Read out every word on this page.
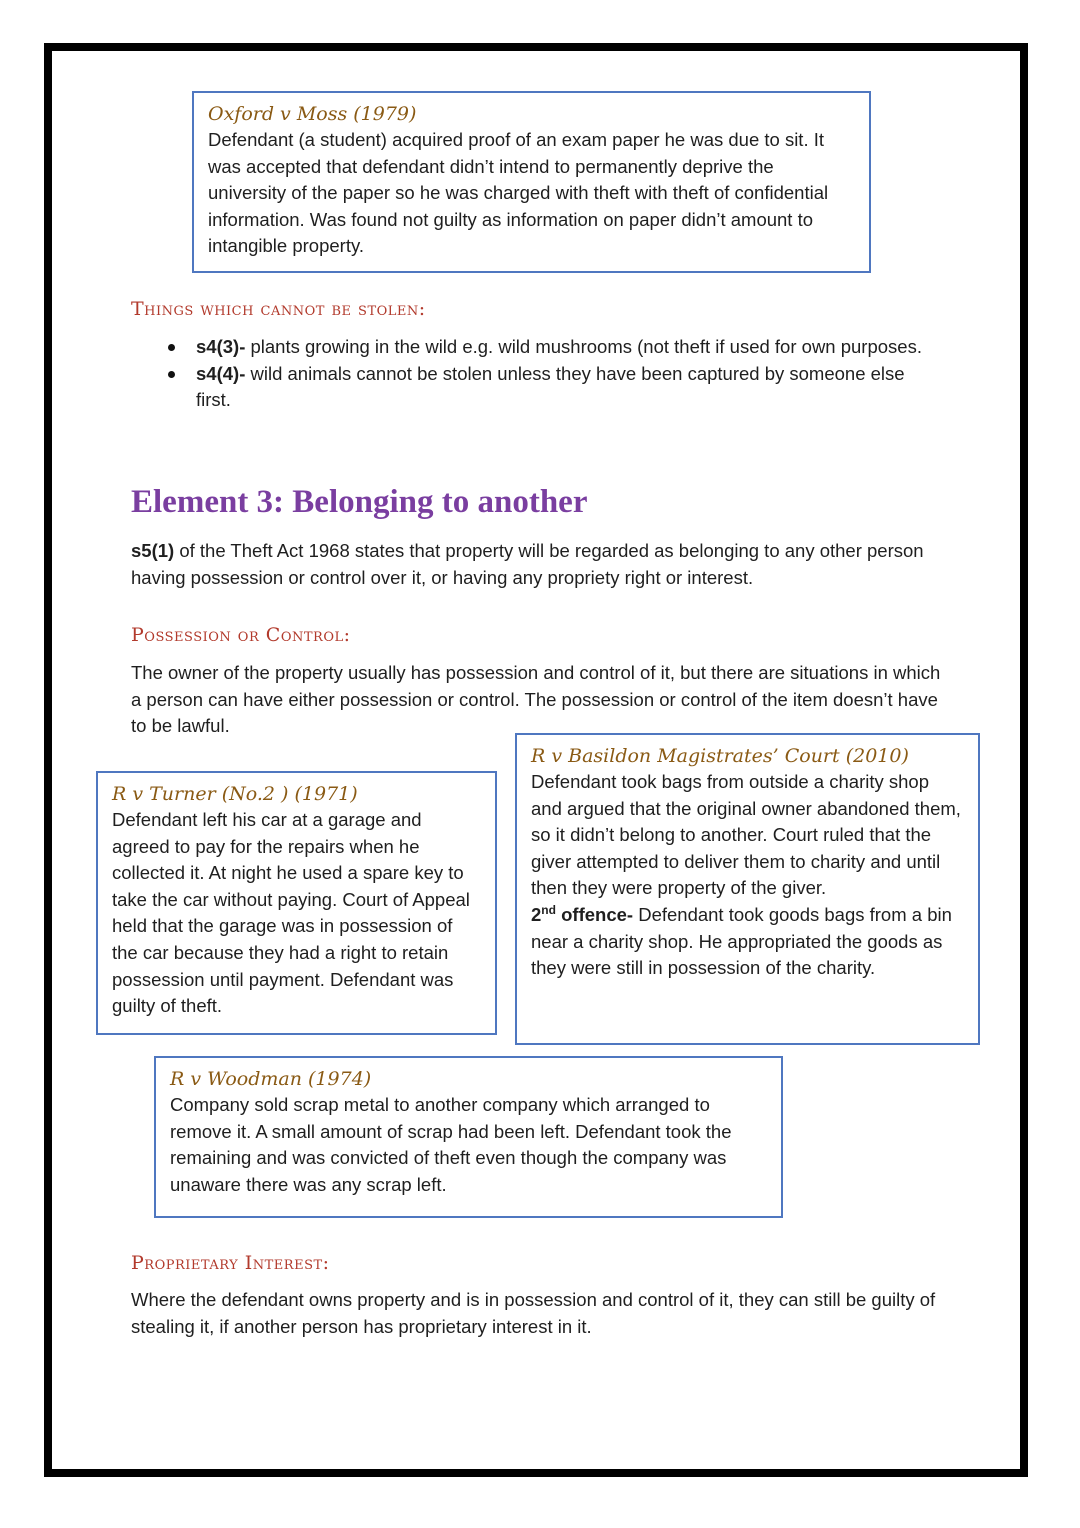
Oxford v Moss (1979)
Defendant (a student) acquired proof of an exam paper he was due to sit. It was accepted that defendant didn’t intend to permanently deprive the university of the paper so he was charged with theft with theft of confidential information. Was found not guilty as information on paper didn’t amount to intangible property.
Things which cannot be stolen:
s4(3)- plants growing in the wild e.g. wild mushrooms (not theft if used for own purposes.
s4(4)- wild animals cannot be stolen unless they have been captured by someone else first.
Element 3: Belonging to another
s5(1) of the Theft Act 1968 states that property will be regarded as belonging to any other person having possession or control over it, or having any propriety right or interest.
Possession or Control:
The owner of the property usually has possession and control of it, but there are situations in which a person can have either possession or control. The possession or control of the item doesn’t have to be lawful.
R v Basildon Magistrates’ Court (2010)
Defendant took bags from outside a charity shop and argued that the original owner abandoned them, so it didn’t belong to another. Court ruled that the giver attempted to deliver them to charity and until then they were property of the giver.
2nd offence- Defendant took goods bags from a bin near a charity shop. He appropriated the goods as they were still in possession of the charity.
R v Turner (No.2 ) (1971)
Defendant left his car at a garage and agreed to pay for the repairs when he collected it. At night he used a spare key to take the car without paying. Court of Appeal held that the garage was in possession of the car because they had a right to retain possession until payment. Defendant was guilty of theft.
R v Woodman (1974)
Company sold scrap metal to another company which arranged to remove it. A small amount of scrap had been left. Defendant took the remaining and was convicted of theft even though the company was unaware there was any scrap left.
Proprietary Interest:
Where the defendant owns property and is in possession and control of it, they can still be guilty of stealing it, if another person has proprietary interest in it.
